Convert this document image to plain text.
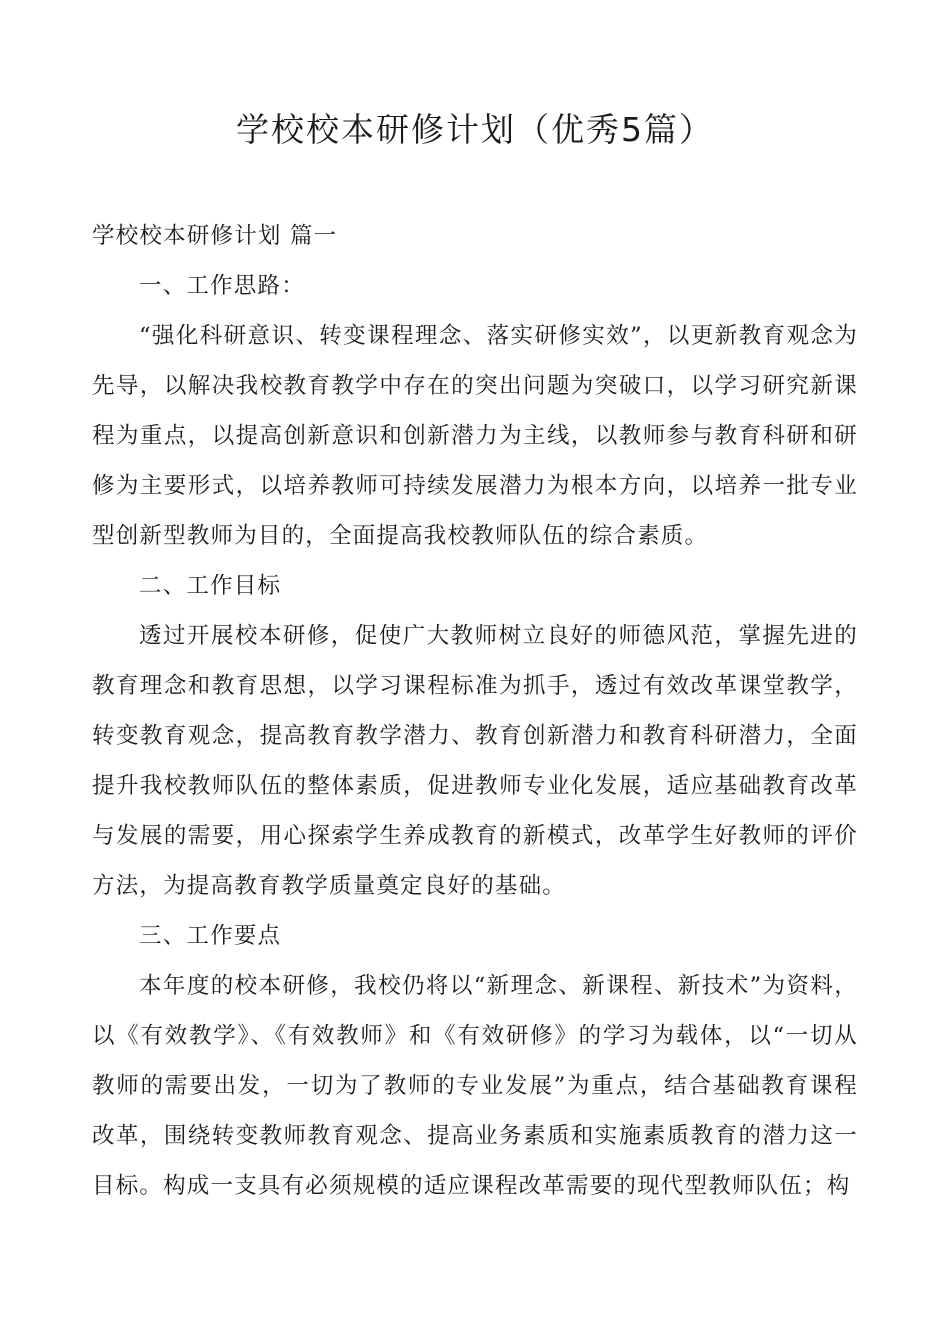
学校校本研修计划（优秀5篇）

学校校本研修计划 篇一

一、工作思路：

“强化科研意识、转变课程理念、落实研修实效”，以更新教育观念为先导，以解决我校教育教学中存在的突出问题为突破口，以学习研究新课程为重点，以提高创新意识和创新潜力为主线，以教师参与教育科研和研修为主要形式，以培养教师可持续发展潜力为根本方向，以培养一批专业型创新型教师为目的，全面提高我校教师队伍的综合素质。

二、工作目标

透过开展校本研修，促使广大教师树立良好的师德风范，掌握先进的教育理念和教育思想，以学习课程标准为抓手，透过有效改革课堂教学，转变教育观念，提高教育教学潜力、教育创新潜力和教育科研潜力，全面提升我校教师队伍的整体素质，促进教师专业化发展，适应基础教育改革与发展的需要，用心探索学生养成教育的新模式，改革学生好教师的评价方法，为提高教育教学质量奠定良好的基础。

三、工作要点

本年度的校本研修，我校仍将以“新理念、新课程、新技术”为资料，以《有效教学》、《有效教师》和《有效研修》的学习为载体，以“一切从教师的需要出发，一切为了教师的专业发展”为重点，结合基础教育课程改革，围绕转变教师教育观念、提高业务素质和实施素质教育的潜力这一目标。构成一支具有必须规模的适应课程改革需要的现代型教师队伍；构
